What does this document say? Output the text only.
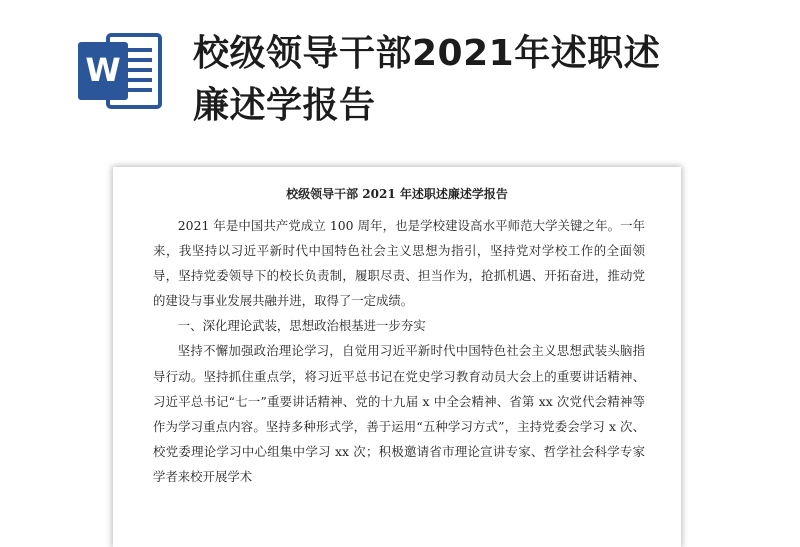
W 校级领导干部2021年述职述廉述学报告
校级领导干部 2021 年述职述廉述学报告

2021 年是中国共产党成立 100 周年，也是学校建设高水平师范大学关键之年。一年来，我坚持以习近平新时代中国特色社会主义思想为指引，坚持党对学校工作的全面领导，坚持党委领导下的校长负责制，履职尽责、担当作为，抢抓机遇、开拓奋进，推动党的建设与事业发展共融并进，取得了一定成绩。

一、深化理论武装，思想政治根基进一步夯实

坚持不懈加强政治理论学习，自觉用习近平新时代中国特色社会主义思想武装头脑指导行动。坚持抓住重点学，将习近平总书记在党史学习教育动员大会上的重要讲话精神、习近平总书记“七一”重要讲话精神、党的十九届 x 中全会精神、省第 xx 次党代会精神等作为学习重点内容。坚持多种形式学，善于运用“五种学习方式”，主持党委会学习 x 次、校党委理论学习中心组集中学习 xx 次；积极邀请省市理论宣讲专家、哲学社会科学专家学者来校开展学术
